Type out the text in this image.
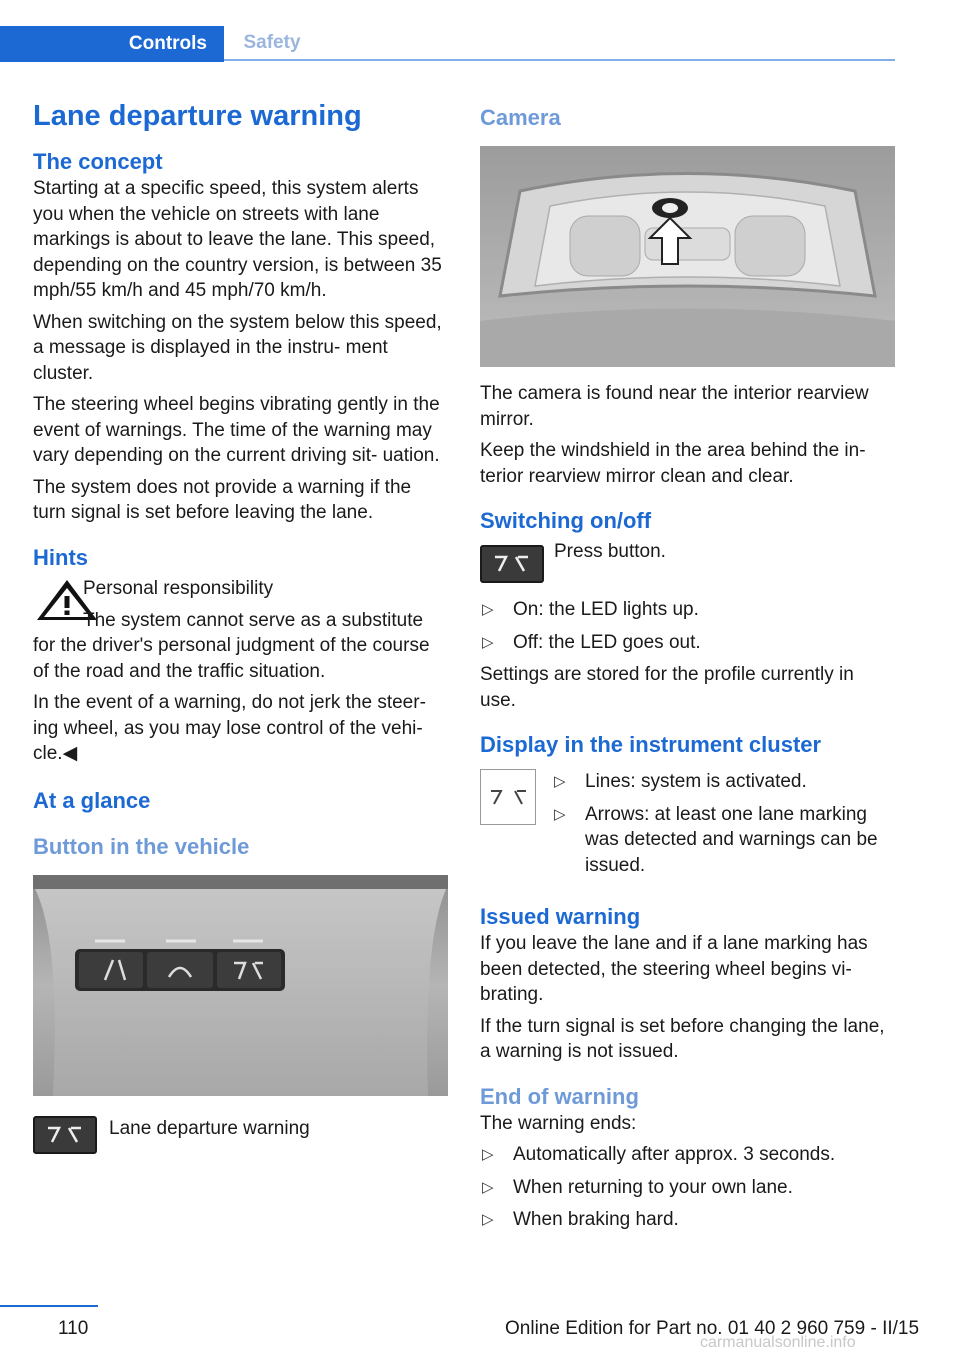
Controls	Safety
Lane departure warning
The concept

Starting at a specific speed, this system alerts you when the vehicle on streets with lane markings is about to leave the lane. This speed, depending on the country version, is between 35 mph/55 km/h and 45 mph/70 km/h.

When switching on the system below this speed, a message is displayed in the instru‐ ment cluster.

The steering wheel begins vibrating gently in the event of warnings. The time of the warning may vary depending on the current driving sit‐ uation.

The system does not provide a warning if the turn signal is set before leaving the lane.

Hints

Personal responsibility

The system cannot serve as a substitute for the driver's personal judgment of the course of the road and the traffic situation.

In the event of a warning, do not jerk the steer‐ ing wheel, as you may lose control of the vehi‐ cle.◀

At a glance
Button in the vehicle

Lane departure warning

Camera

The camera is found near the interior rearview mirror.

Keep the windshield in the area behind the in‐ terior rearview mirror clean and clear.

Switching on/off

Press button.

▷ On: the LED lights up.
▷ Off: the LED goes out.

Settings are stored for the profile currently in use.

Display in the instrument cluster
▷ Lines: system is activated.
▷ Arrows: at least one lane marking was detected and warnings can be issued.
Issued warning

If you leave the lane and if a lane marking has been detected, the steering wheel begins vi‐ brating.

If the turn signal is set before changing the lane, a warning is not issued.

End of warning

The warning ends:

▷ Automatically after approx. 3 seconds.
▷ When returning to your own lane.
▷ When braking hard.
110	Online Edition for Part no. 01 40 2 960 759 - II/15
carmanualsonline.info
